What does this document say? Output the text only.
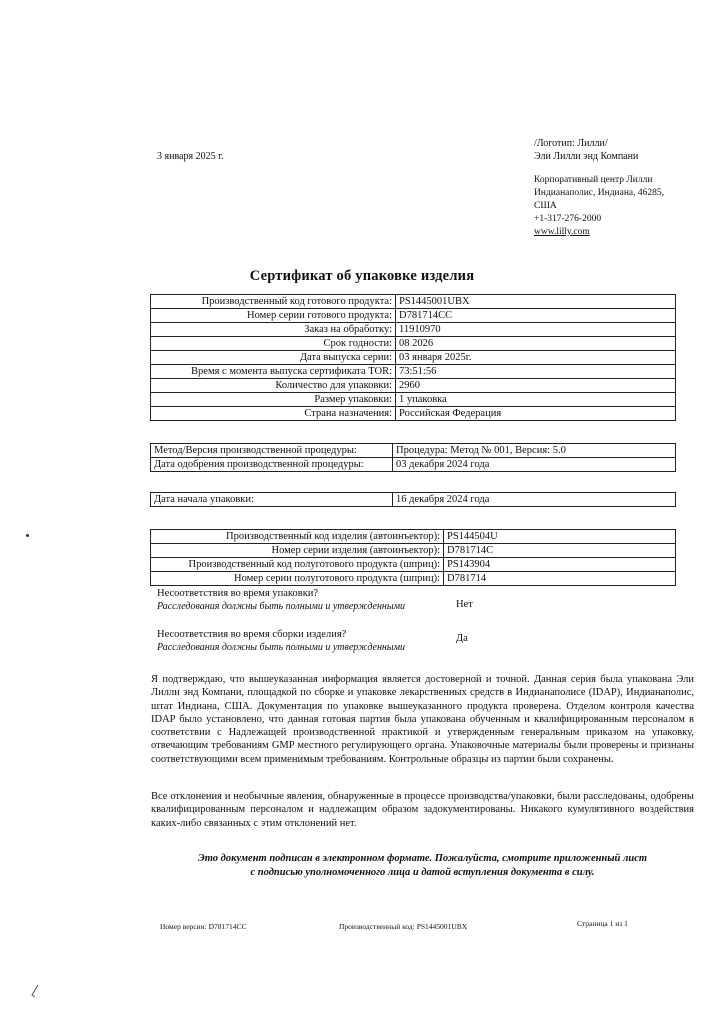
3 января 2025 г.
/Логотип: Лилли/
Эли Лилли энд Компани
Корпоративный центр Лилли
Индианаполис, Индиана, 46285,
США
+1-317-276-2000
www.lilly.com
Сертификат об упаковке изделия
Производственный код готового продукта:	PS1445001UBX
Номер серии готового продукта:	D781714CC
Заказ на обработку:	11910970
Срок годности:	08 2026
Дата выпуска серии:	03 января 2025г.
Время с момента выпуска сертификата TOR:	73:51:56
Количество для упаковки:	2960
Размер упаковки:	1 упаковка
Страна назначения:	Российская Федерация
Метод/Версия производственной процедуры:	Процедура: Метод № 001, Версия: 5.0
Дата одобрения производственной процедуры:	03 декабря 2024 года
Дата начала упаковки:	16 декабря 2024 года
Производственный код изделия (автоинъектор):	PS144504U
Номер серии изделия (автоинъектор):	D781714C
Производственный код полуготового продукта (шприц):	PS143904
Номер серии полуготового продукта (шприц):	D781714
Несоответствия во время упаковки?
Расследования должны быть полными и утвержденными	Нет
Несоответствия во время сборки изделия?
Расследования должны быть полными и утвержденными
Да
Я подтверждаю, что вышеуказанная информация является достоверной и точной. Данная серия была упакована Эли Лилли энд Компани, площадкой по сборке и упаковке лекарственных средств в Индианаполисе (IDAP), Индианаполис, штат Индиана, США. Документация по упаковке вышеуказанного продукта проверена. Отделом контроля качества IDAP было установлено, что данная готовая партия была упакована обученным и квалифицированным персоналом в соответствии с Надлежащей производственной практикой и утвержденным генеральным приказом на упаковку, отвечающим требованиям GMP местного регулирующего органа. Упаковочные материалы были проверены и признаны соответствующими всем применимым требованиям. Контрольные образцы из партии были сохранены.
Все отклонения и необычные явления, обнаруженные в процессе производства/упаковки, были расследованы, одобрены квалифицированным персоналом и надлежащим образом задокументированы. Никакого кумулятивного воздействия каких-либо связанных с этим отклонений нет.
Это документ подписан в электронном формате. Пожалуйста, смотрите приложенный лист
с подписью уполномоченного лица и датой вступления документа в силу.
Номер версии: D781714CC	Производственный код: PS1445001UBX	Страница 1 из 1
